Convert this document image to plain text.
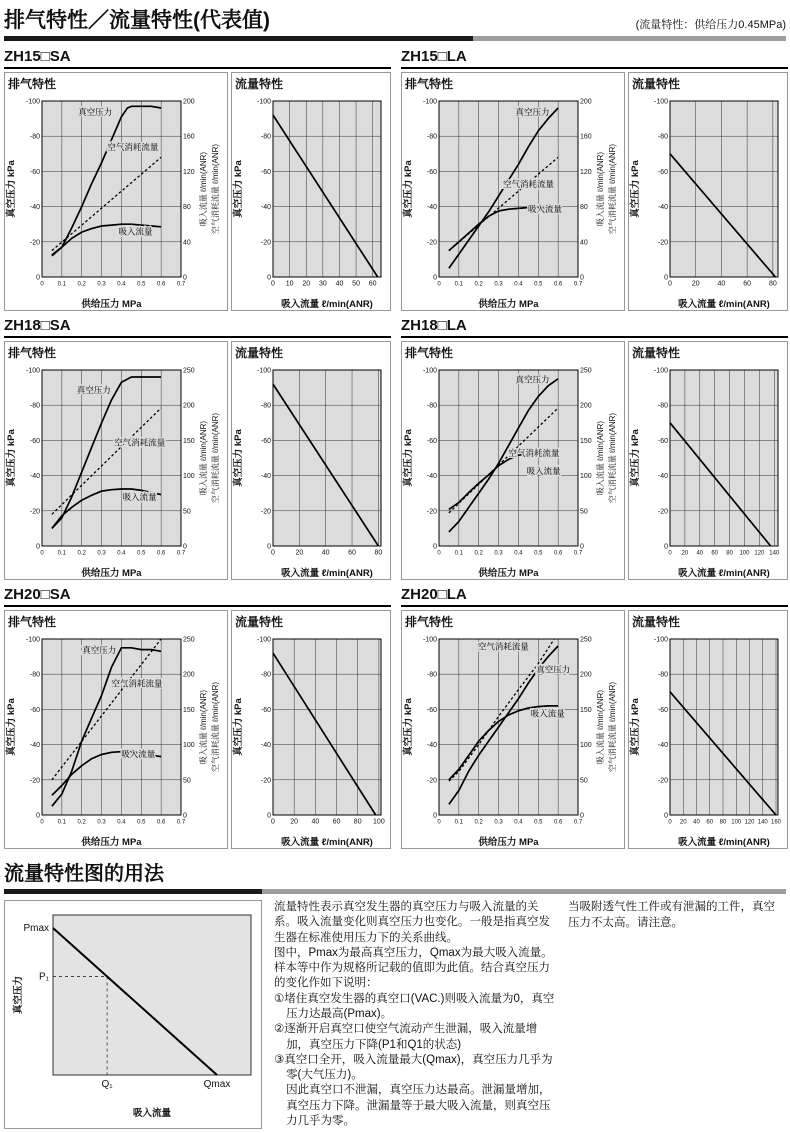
排气特性／流量特性(代表值)	(流量特性：供给压力0.45MPa)
ZH15□SA
排气特性
0 0.1 0.2 0.3 0.4 0.5 0.6 0.7
-100
-80
-60
-40
-20
0	0
40
80
120
160
200
真空压力
空气消耗流量
吸入流量
供给压力 MPa
真空压力 kPa	吸入流量 ℓ/min(ANR) 空气消耗流量 ℓ/min(ANR)
流量特性
0 10 20 30 40 50 60
-100
-80
-60
-40
-20
0
吸入流量 ℓ/min(ANR)
真空压力 kPa
ZH15□LA
排气特性
0 0.1 0.2 0.3 0.4 0.5 0.6 0.7
-100
-80
-60
-40
-20
0	0
40
80
120
160
200
真空压力
空气消耗流量
吸入流量
供给压力 MPa
真空压力 kPa	吸入流量 ℓ/min(ANR) 空气消耗流量 ℓ/min(ANR)
流量特性
0	20	40	60	80
-100
-80
-60
-40
-20
0
吸入流量 ℓ/min(ANR)
真空压力 kPa
ZH18□SA
排气特性
0 0.1 0.2 0.3 0.4 0.5 0.6 0.7
-100
-80
-60
-40
-20
0	0
50
100
150
200
250
真空压力
空气消耗流量
吸入流量
供给压力 MPa
真空压力 kPa	吸入流量 ℓ/min(ANR) 空气消耗流量 ℓ/min(ANR)
流量特性
0	20	40	60	80
-100
-80
-60
-40
-20
0
吸入流量 ℓ/min(ANR)
真空压力 kPa
ZH18□LA
排气特性
0 0.1 0.2 0.3 0.4 0.5 0.6 0.7
-100
-80
-60
-40
-20
0	0
50
100
150
200
250
真空压力
空气消耗流量
吸入流量
供给压力 MPa
真空压力 kPa	吸入流量 ℓ/min(ANR) 空气消耗流量 ℓ/min(ANR)
流量特性
0 20 40 60 80 100 120 140
-100
-80
-60
-40
-20
0
吸入流量 ℓ/min(ANR)
真空压力 kPa
ZH20□SA
排气特性
0 0.1 0.2 0.3 0.4 0.5 0.6 0.7
-100
-80
-60
-40
-20
0	0
50
100
150
200
250
真空压力
空气消耗流量
吸入流量
供给压力 MPa
真空压力 kPa	吸入流量 ℓ/min(ANR) 空气消耗流量 ℓ/min(ANR)
流量特性
0 20 40 60 80 100
-100
-80
-60
-40
-20
0
吸入流量 ℓ/min(ANR)
真空压力 kPa
ZH20□LA
排气特性
0 0.1 0.2 0.3 0.4 0.5 0.6 0.7
-100
-80
-60
-40
-20
0	0
50
100
150
200
250
空气消耗流量
真空压力
吸入流量
供给压力 MPa
真空压力 kPa	吸入流量 ℓ/min(ANR) 空气消耗流量 ℓ/min(ANR)
流量特性
0 20 40 60 80 100 120 140 160
-100
-80
-60
-40
-20
0
吸入流量 ℓ/min(ANR)
真空压力 kPa
流量特性图的用法
Pmax
P₁
Q₁	Qmax
真空压力
吸入流量

流量特性表示真空发生器的真空压力与吸入流量的关系。吸入流量变化则真空压力也变化。一般是指真空发生器在标准使用压力下的关系曲线。

图中，Pmax为最高真空压力，Qmax为最大吸入流量。样本等中作为规格所记载的值即为此值。结合真空压力的变化作如下说明：

①堵住真空发生器的真空口(VAC.)则吸入流量为0，真空压力达最高(Pmax)。

②逐渐开启真空口使空气流动产生泄漏，吸入流量增加，真空压力下降(P1和Q1的状态)

③真空口全开，吸入流量最大(Qmax)，真空压力几乎为零(大气压力)。

因此真空口不泄漏，真空压力达最高。泄漏量增加，真空压力下降。泄漏量等于最大吸入流量，则真空压力几乎为零。

当吸附透气性工件或有泄漏的工件，真空压力不太高。请注意。
